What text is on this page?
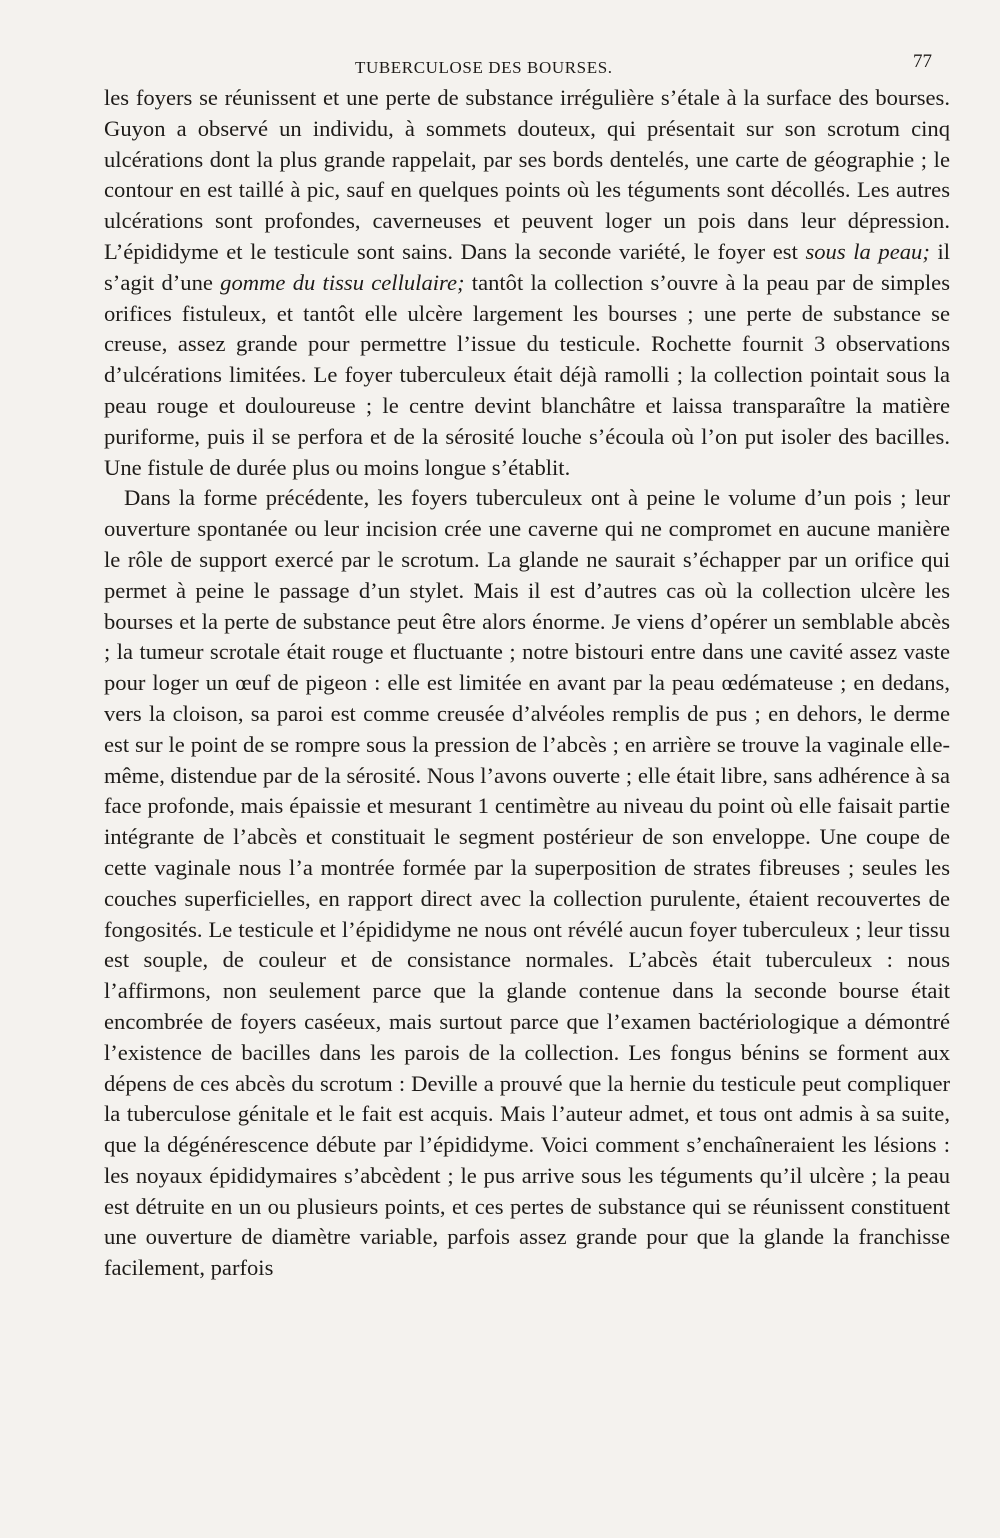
TUBERCULOSE DES BOURSES.	77

les foyers se réunissent et une perte de substance irrégulière s’étale à la surface des bourses. Guyon a observé un individu, à sommets douteux, qui présentait sur son scrotum cinq ulcérations dont la plus grande rappelait, par ses bords dentelés, une carte de géographie ; le contour en est taillé à pic, sauf en quelques points où les téguments sont décollés. Les autres ulcérations sont profondes, caverneuses et peuvent loger un pois dans leur dépression. L’épididyme et le testicule sont sains. Dans la seconde variété, le foyer est sous la peau; il s’agit d’une gomme du tissu cellulaire; tantôt la collection s’ouvre à la peau par de simples orifices fistuleux, et tantôt elle ulcère largement les bourses ; une perte de substance se creuse, assez grande pour permettre l’issue du testicule. Rochette fournit 3 observations d’ulcérations limitées. Le foyer tuberculeux était déjà ramolli ; la collection pointait sous la peau rouge et douloureuse ; le centre devint blanchâtre et laissa transparaître la matière puriforme, puis il se perfora et de la sérosité louche s’écoula où l’on put isoler des bacilles. Une fistule de durée plus ou moins longue s’établit.

Dans la forme précédente, les foyers tuberculeux ont à peine le volume d’un pois ; leur ouverture spontanée ou leur incision crée une caverne qui ne compromet en aucune manière le rôle de support exercé par le scrotum. La glande ne saurait s’échapper par un orifice qui permet à peine le passage d’un stylet. Mais il est d’autres cas où la collection ulcère les bourses et la perte de substance peut être alors énorme. Je viens d’opérer un semblable abcès ; la tumeur scrotale était rouge et fluctuante ; notre bistouri entre dans une cavité assez vaste pour loger un œuf de pigeon : elle est limitée en avant par la peau œdémateuse ; en dedans, vers la cloison, sa paroi est comme creusée d’alvéoles remplis de pus ; en dehors, le derme est sur le point de se rompre sous la pression de l’abcès ; en arrière se trouve la vaginale elle-même, distendue par de la sérosité. Nous l’avons ouverte ; elle était libre, sans adhérence à sa face profonde, mais épaissie et mesurant 1 centimètre au niveau du point où elle faisait partie intégrante de l’abcès et constituait le segment postérieur de son enveloppe. Une coupe de cette vaginale nous l’a montrée formée par la superposition de strates fibreuses ; seules les couches superficielles, en rapport direct avec la collection purulente, étaient recouvertes de fongosités. Le testicule et l’épididyme ne nous ont révélé aucun foyer tuberculeux ; leur tissu est souple, de couleur et de consistance normales. L’abcès était tuberculeux : nous l’affirmons, non seulement parce que la glande contenue dans la seconde bourse était encombrée de foyers caséeux, mais surtout parce que l’examen bactériologique a démontré l’existence de bacilles dans les parois de la collection. Les fongus bénins se forment aux dépens de ces abcès du scrotum : Deville a prouvé que la hernie du testicule peut compliquer la tuberculose génitale et le fait est acquis. Mais l’auteur admet, et tous ont admis à sa suite, que la dégénérescence débute par l’épididyme. Voici comment s’enchaîneraient les lésions : les noyaux épididymaires s’abcèdent ; le pus arrive sous les téguments qu’il ulcère ; la peau est détruite en un ou plusieurs points, et ces pertes de substance qui se réunissent constituent une ouverture de diamètre variable, parfois assez grande pour que la glande la franchisse facilement, parfois
